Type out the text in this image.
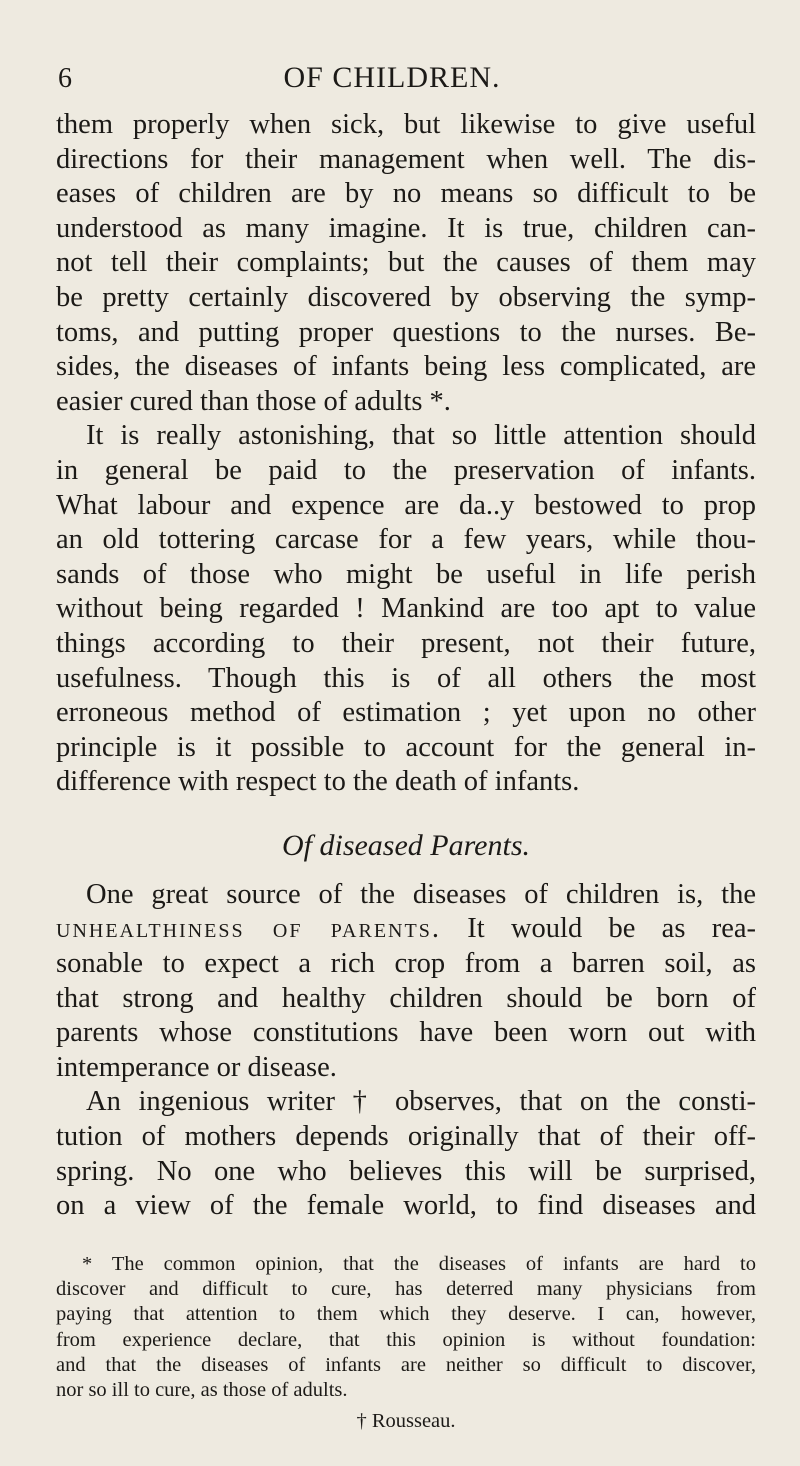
6	OF CHILDREN.
them properly when sick, but likewise to give useful
directions for their management when well. The dis-
eases of children are by no means so difficult to be
understood as many imagine. It is true, children can-
not tell their complaints; but the causes of them may
be pretty certainly discovered by observing the symp-
toms, and putting proper questions to the nurses. Be-
sides, the diseases of infants being less complicated, are
easier cured than those of adults *.
It is really astonishing, that so little attention should
in general be paid to the preservation of infants.
What labour and expence are da..y bestowed to prop
an old tottering carcase for a few years, while thou-
sands of those who might be useful in life perish
without being regarded ! Mankind are too apt to value
things according to their present, not their future,
usefulness. Though this is of all others the most
erroneous method of estimation ; yet upon no other
principle is it possible to account for the general in-
difference with respect to the death of infants.
Of diseased Parents.
One great source of the diseases of children is, the
unhealthiness of parents. It would be as rea-
sonable to expect a rich crop from a barren soil, as
that strong and healthy children should be born of
parents whose constitutions have been worn out with
intemperance or disease.
An ingenious writer † observes, that on the consti-
tution of mothers depends originally that of their off-
spring. No one who believes this will be surprised,
on a view of the female world, to find diseases and
* The common opinion, that the diseases of infants are hard to
discover and difficult to cure, has deterred many physicians from
paying that attention to them which they deserve. I can, however,
from experience declare, that this opinion is without foundation:
and that the diseases of infants are neither so difficult to discover,
nor so ill to cure, as those of adults.
† Rousseau.
